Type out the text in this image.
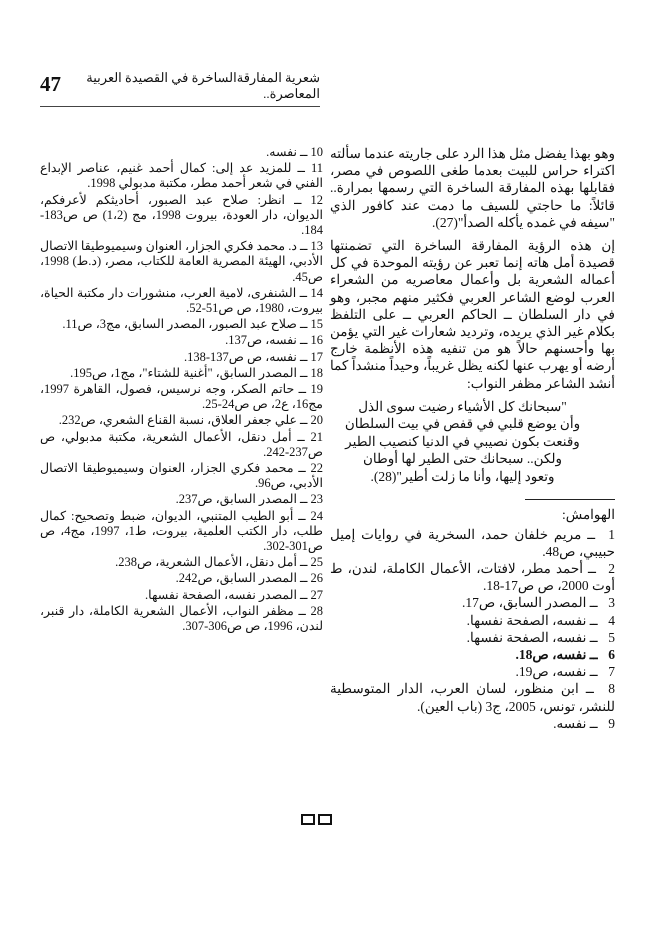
47	شعرية المفارقةالساخرة في القصيدة العربية المعاصرة..

وهو بهذا يفضل مثل هذا الرد على جاريته عندما سألته اكتراء حراس للبيت بعدما طغى اللصوص في مصر، فقابلها بهذه المفارقة الساخرة التي رسمها بمرارة.. قائلاً: ما حاجتي للسيف ما دمت عند كافور الذي "سيفه في غمده يأكله الصدأ"(27).

إن هذه الرؤية المفارقة الساخرة التي تضمنتها قصيدة أمل هاته إنما تعبر عن رؤيته الموحدة في كل أعماله الشعرية بل وأعمال معاصريه من الشعراء العرب لوضع الشاعر العربي فكثير منهم مجبر، وهو في دار السلطان ــ الحاكم العربي ــ على التلفظ بكلام غير الذي يريده، وترديد شعارات غير التي يؤمن بها وأحسنهم حالاً هو من تنفيه هذه الأنظمة خارج أرضه أو يهرب عنها لكنه يظل غريباً، وحيداً منشداً كما أنشد الشاعر مظفر النواب:

"سبحانك كل الأشياء رضيت سوى الذل
وأن يوضع قلبي في قفص في بيت السلطان
وقنعت بكون نصيبي في الدنيا كنصيب الطير
ولكن.. سبحانك حتى الطير لها أوطان
وتعود إليها، وأنا ما زلت أطير"(28).
الهوامش:
1 ــ مريم خلفان حمد، السخرية في روايات إميل حبيبي، ص48.
2 ــ أحمد مطر، لافتات، الأعمال الكاملة، لندن، ط أوت 2000، ص ص17-18.
3 ــ المصدر السابق، ص17.
4 ــ نفسه، الصفحة نفسها.
5 ــ نفسه، الصفحة نفسها.
6 ــ نفسه، ص18.
7 ــ نفسه، ص19.
8 ــ ابن منظور، لسان العرب، الدار المتوسطية للنشر، تونس، 2005، ج3 (باب العين).
9 ــ نفسه.
10 ــ نفسه.
11 ــ للمزيد عد إلى: كمال أحمد غنيم، عناصر الإبداع الفني في شعر أحمد مطر، مكتبة مدبولي 1998.
12 ــ انظر: صلاح عبد الصبور، أحاديثكم لأعرفكم، الديوان، دار العودة، بيروت 1998، مج (1،2) ص ص183-184.
13 ــ د. محمد فكري الجزار، العنوان وسيميوطيقا الاتصال الأدبي، الهيئة المصرية العامة للكتاب، مصر، (د.ط) 1998، ص45.
14 ــ الشنفرى، لامية العرب، منشورات دار مكتبة الحياة، بيروت، 1980، ص ص51-52.
15 ــ صلاح عبد الصبور، المصدر السابق، مج3، ص11.
16 ــ نفسه، ص137.
17 ــ نفسه، ص ص137-138.
18 ــ المصدر السابق، "أغنية للشتاء"، مج1، ص195.
19 ــ حاتم الصكر، وجه نرسيس، فصول، القاهرة 1997، مج16، ع2، ص ص24-25.
20 ــ علي جعفر العلاق، نسبة القناع الشعري، ص232.
21 ــ أمل دنقل، الأعمال الشعرية، مكتبة مدبولي، ص ص237-242.
22 ــ محمد فكري الجزار، العنوان وسيميوطيقا الاتصال الأدبي، ص96.
23 ــ المصدر السابق، ص237.
24 ــ أبو الطيب المتنبي، الديوان، ضبط وتصحيح: كمال طلب، دار الكتب العلمية، بيروت، ط1، 1997، مج4، ص ص301-302.
25 ــ أمل دنقل، الأعمال الشعرية، ص238.
26 ــ المصدر السابق، ص242.
27 ــ المصدر نفسه، الصفحة نفسها.
28 ــ مظفر النواب، الأعمال الشعرية الكاملة، دار قنبر، لندن، 1996، ص ص306-307.
